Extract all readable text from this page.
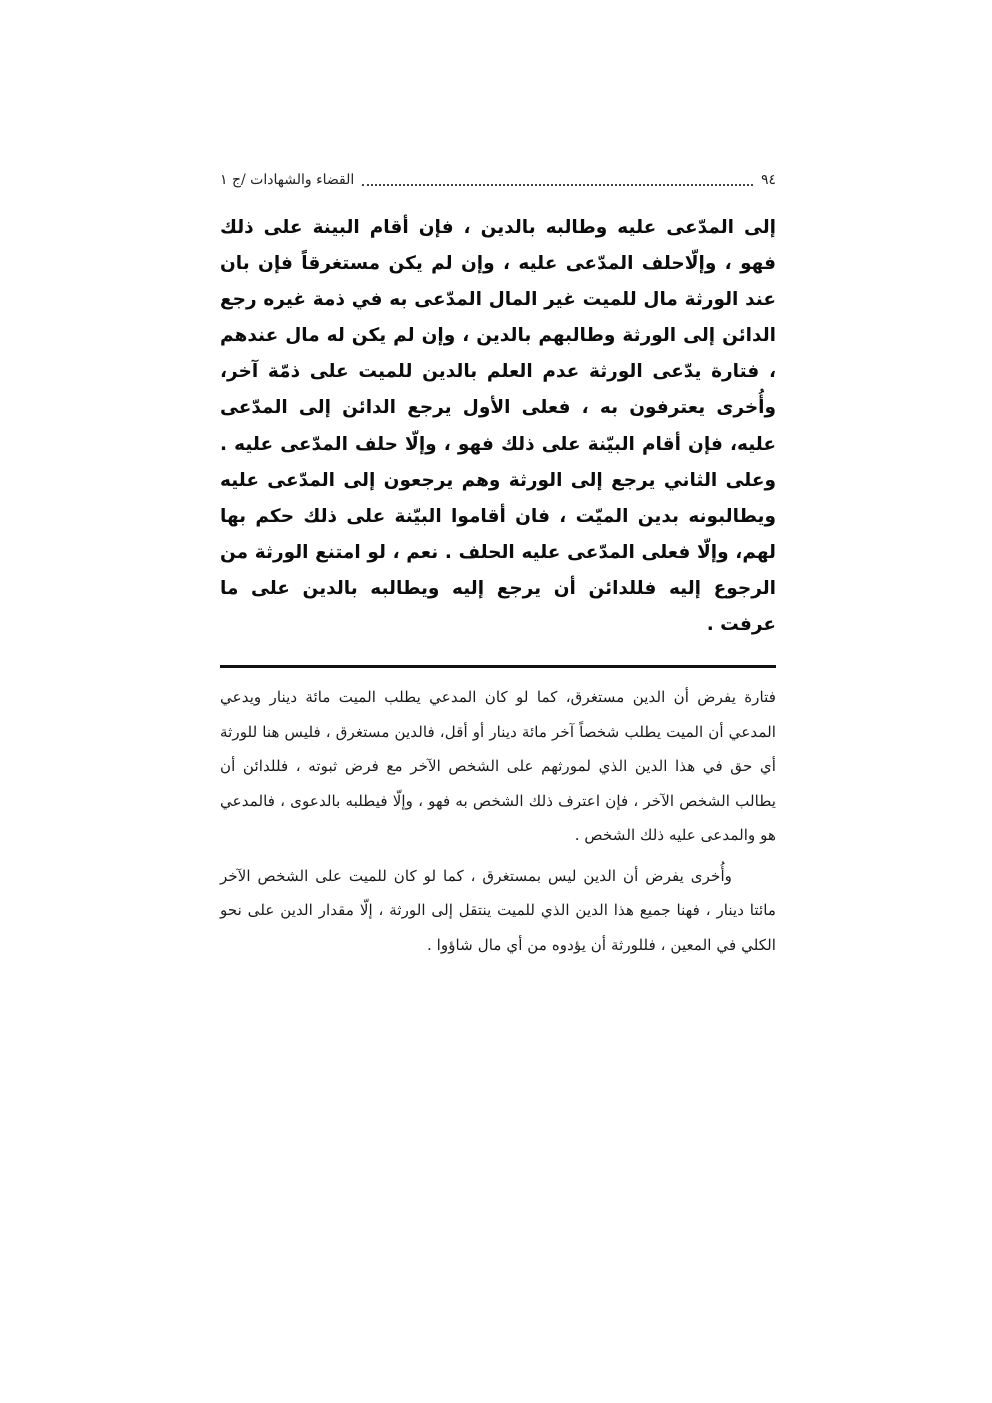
٩٤
القضاء والشهادات /ج ١
إلى المدّعى عليه وطالبه بالدين ، فإن أقام البينة على ذلك فهو ، وإلّاحلف المدّعى عليه ، وإن لم يكن مستغرقاً فإن بان عند الورثة مال للميت غير المال المدّعى به في ذمة غيره رجع الدائن إلى الورثة وطالبهم بالدين ، وإن لم يكن له مال عندهم ، فتارة يدّعى الورثة عدم العلم بالدين للميت على ذمّة آخر، وأُخرى يعترفون به ، فعلى الأول يرجع الدائن إلى المدّعى عليه، فإن أقام البيّنة على ذلك فهو ، وإلّا حلف المدّعى عليه . وعلى الثاني يرجع إلى الورثة وهم يرجعون إلى المدّعى عليه ويطالبونه بدين الميّت ، فان أقاموا البيّنة على ذلك حكم بها لهم، وإلّا فعلى المدّعى عليه الحلف . نعم ، لو امتنع الورثة من الرجوع إليه فللدائن أن يرجع إليه ويطالبه بالدين على ما عرفت .

فتارة يفرض أن الدين مستغرق، كما لو كان المدعي يطلب الميت مائة دينار ويدعي المدعي أن الميت يطلب شخصاً آخر مائة دينار أو أقل، فالدين مستغرق ، فليس هنا للورثة أي حق في هذا الدين الذي لمورثهم على الشخص الآخر مع فرض ثبوته ، فللدائن أن يطالب الشخص الآخر ، فإن اعترف ذلك الشخص به فهو ، وإلّا فيطلبه بالدعوى ، فالمدعي هو والمدعى عليه ذلك الشخص .

وأُخرى يفرض أن الدين ليس بمستغرق ، كما لو كان للميت على الشخص الآخر مائتا دينار ، فهنا جميع هذا الدين الذي للميت ينتقل إلى الورثة ، إلّا مقدار الدين على نحو الكلي في المعين ، فللورثة أن يؤدوه من أي مال شاؤوا .
